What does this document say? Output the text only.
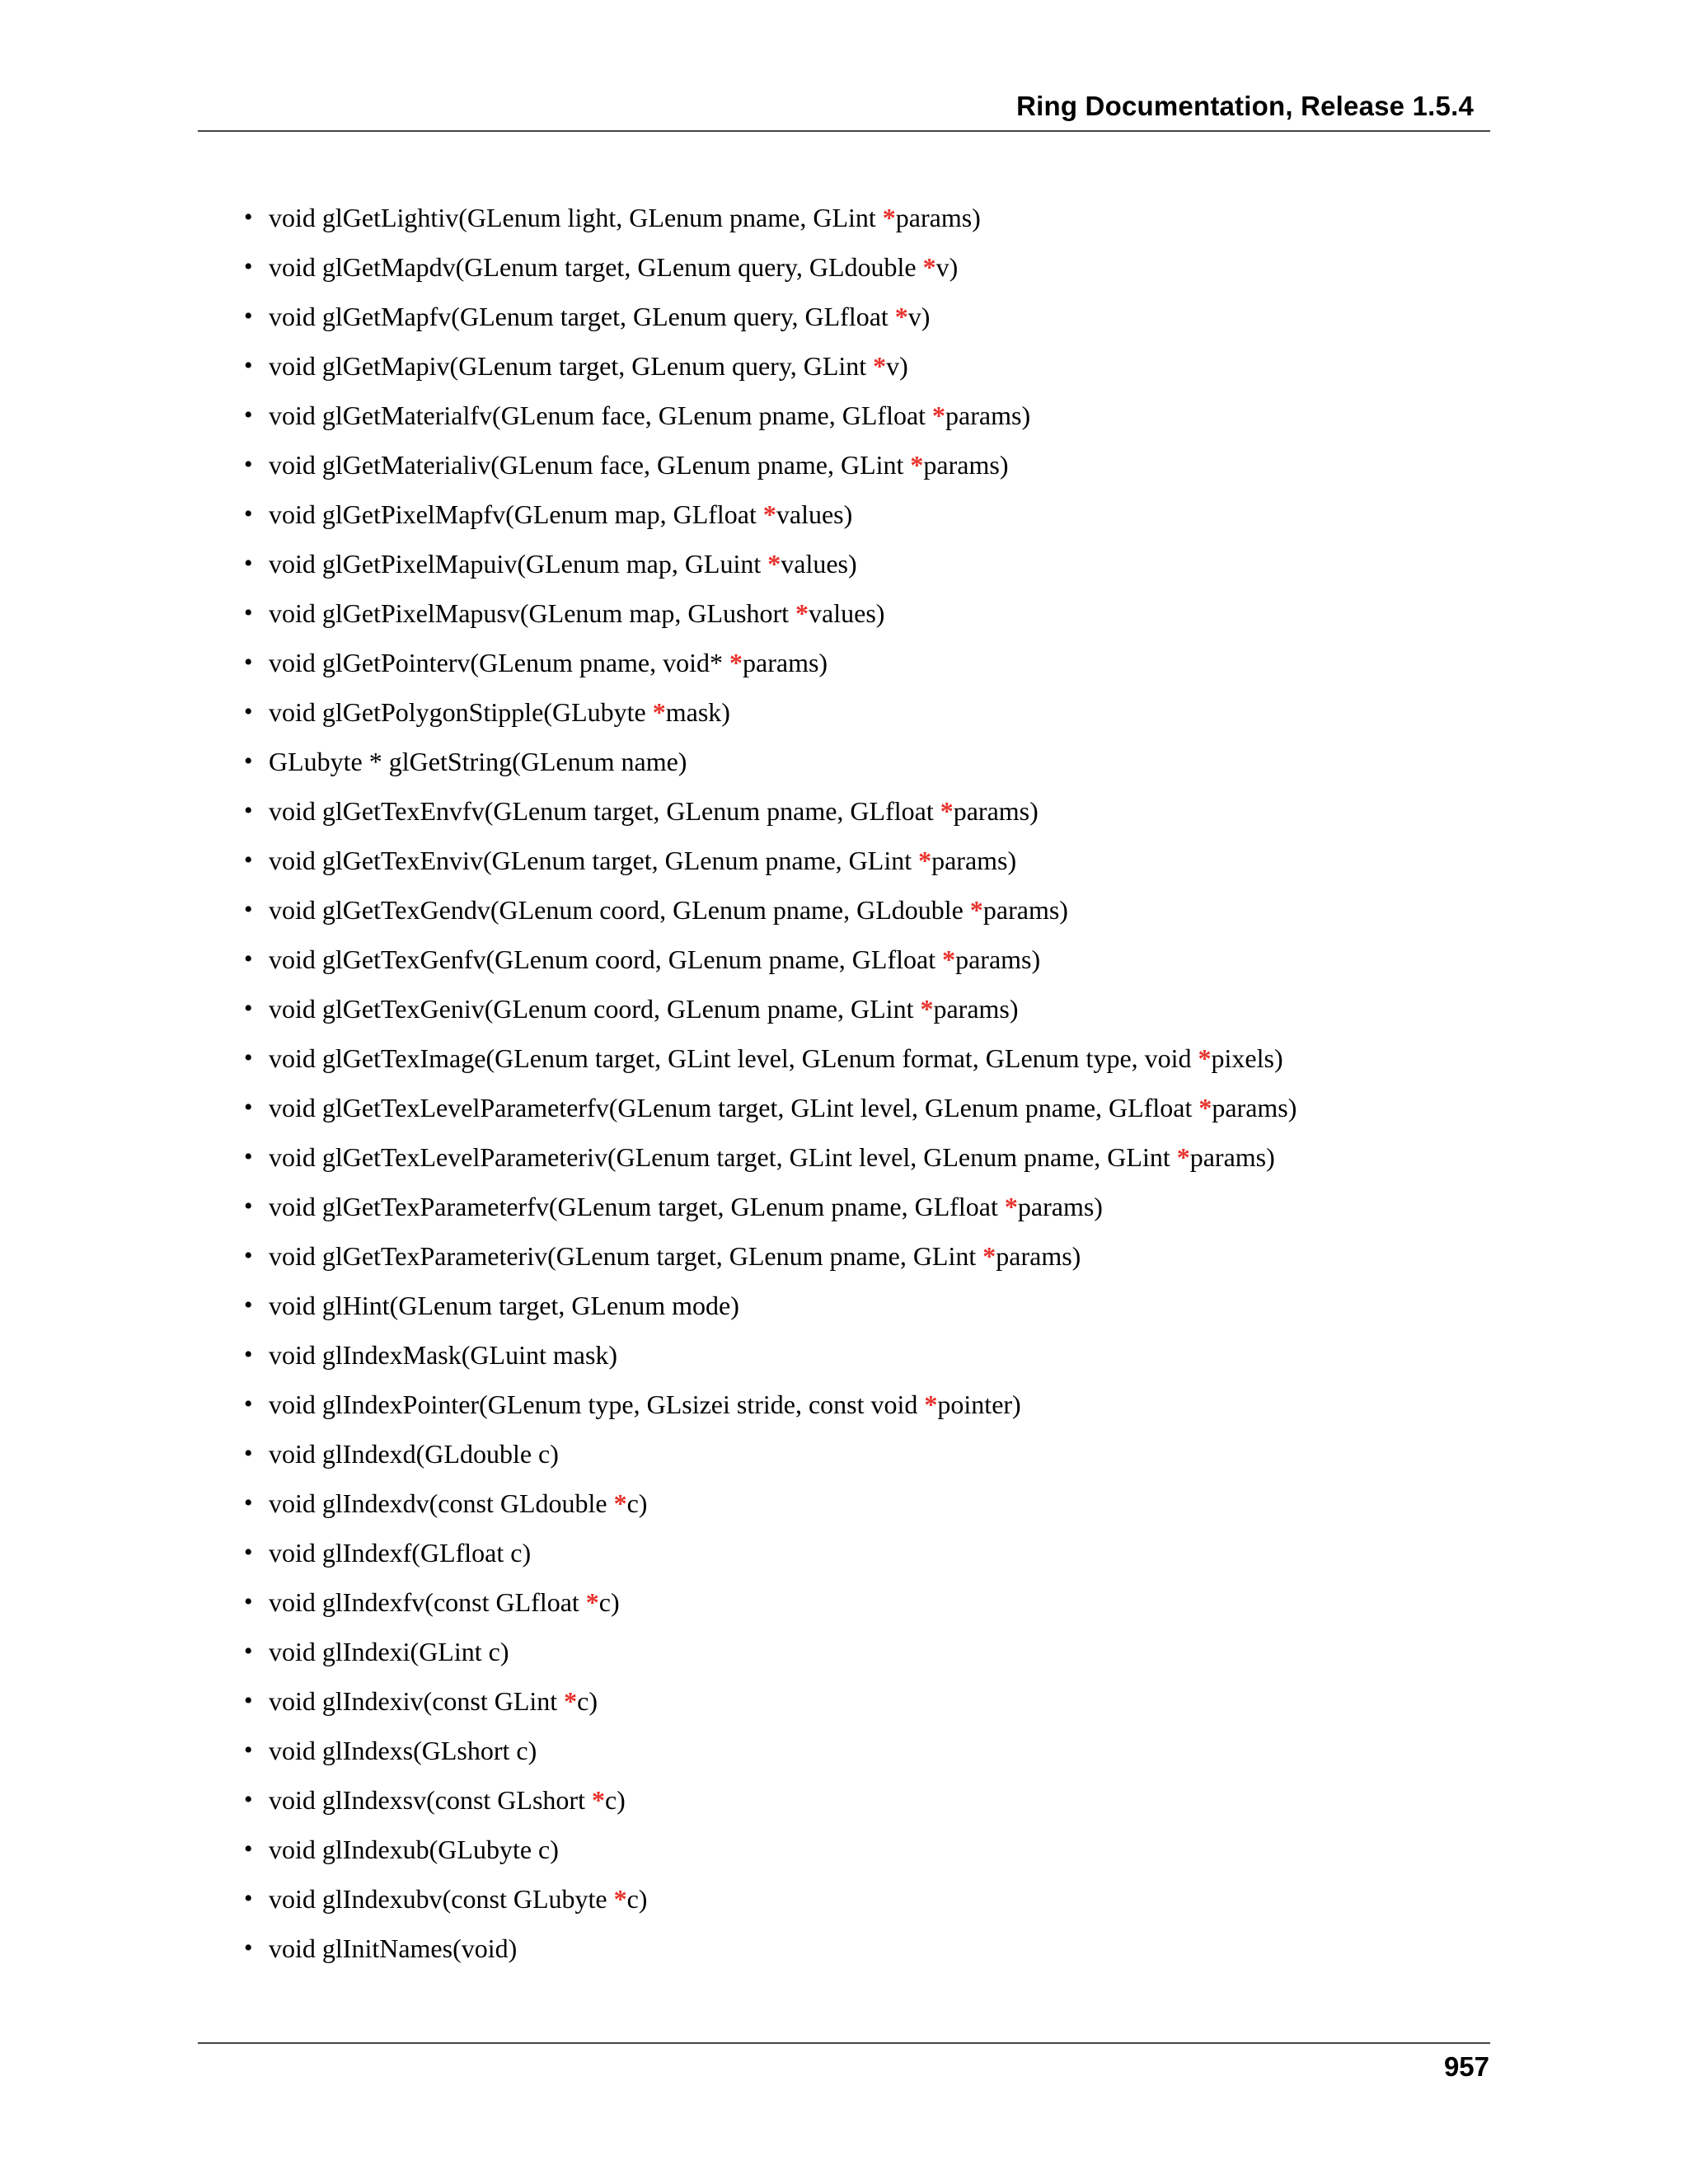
Ring Documentation, Release 1.5.4
• void glGetLightiv(GLenum light, GLenum pname, GLint *params)
• void glGetMapdv(GLenum target, GLenum query, GLdouble *v)
• void glGetMapfv(GLenum target, GLenum query, GLfloat *v)
• void glGetMapiv(GLenum target, GLenum query, GLint *v)
• void glGetMaterialfv(GLenum face, GLenum pname, GLfloat *params)
• void glGetMaterialiv(GLenum face, GLenum pname, GLint *params)
• void glGetPixelMapfv(GLenum map, GLfloat *values)
• void glGetPixelMapuiv(GLenum map, GLuint *values)
• void glGetPixelMapusv(GLenum map, GLushort *values)
• void glGetPointerv(GLenum pname, void* *params)
• void glGetPolygonStipple(GLubyte *mask)
• GLubyte * glGetString(GLenum name)
• void glGetTexEnvfv(GLenum target, GLenum pname, GLfloat *params)
• void glGetTexEnviv(GLenum target, GLenum pname, GLint *params)
• void glGetTexGendv(GLenum coord, GLenum pname, GLdouble *params)
• void glGetTexGenfv(GLenum coord, GLenum pname, GLfloat *params)
• void glGetTexGeniv(GLenum coord, GLenum pname, GLint *params)
• void glGetTexImage(GLenum target, GLint level, GLenum format, GLenum type, void *pixels)
• void glGetTexLevelParameterfv(GLenum target, GLint level, GLenum pname, GLfloat *params)
• void glGetTexLevelParameteriv(GLenum target, GLint level, GLenum pname, GLint *params)
• void glGetTexParameterfv(GLenum target, GLenum pname, GLfloat *params)
• void glGetTexParameteriv(GLenum target, GLenum pname, GLint *params)
• void glHint(GLenum target, GLenum mode)
• void glIndexMask(GLuint mask)
• void glIndexPointer(GLenum type, GLsizei stride, const void *pointer)
• void glIndexd(GLdouble c)
• void glIndexdv(const GLdouble *c)
• void glIndexf(GLfloat c)
• void glIndexfv(const GLfloat *c)
• void glIndexi(GLint c)
• void glIndexiv(const GLint *c)
• void glIndexs(GLshort c)
• void glIndexsv(const GLshort *c)
• void glIndexub(GLubyte c)
• void glIndexubv(const GLubyte *c)
• void glInitNames(void)
957
